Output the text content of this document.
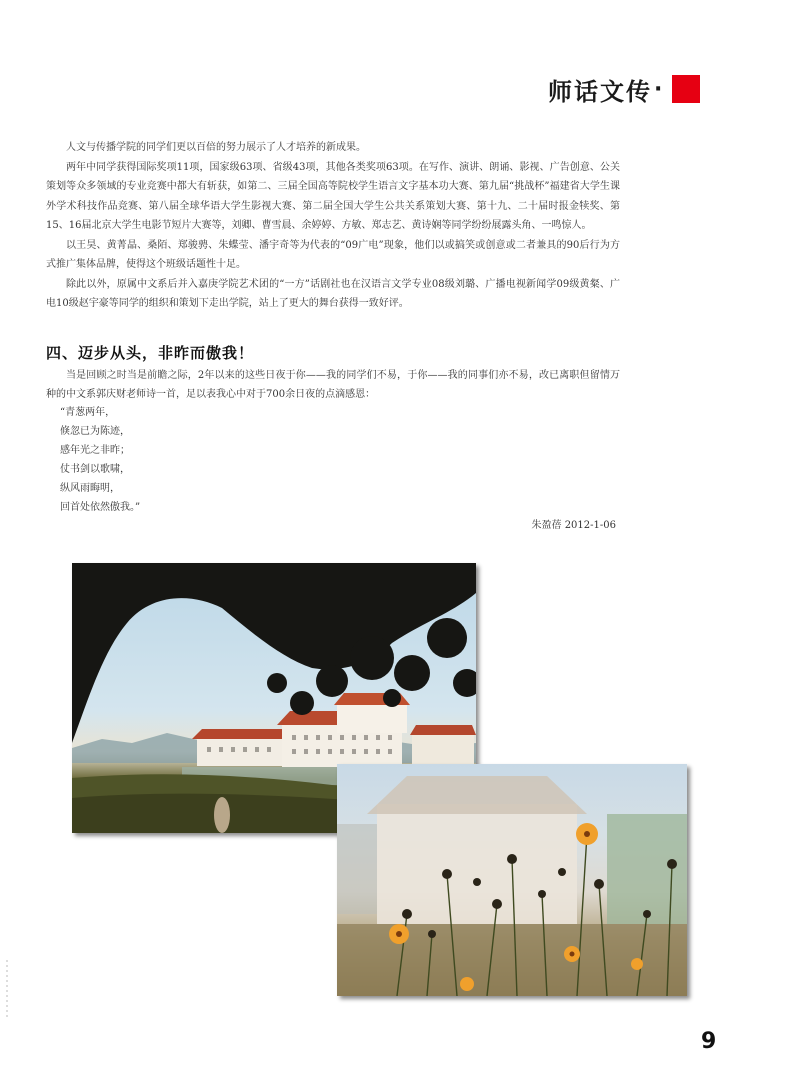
师话文传 ·

人文与传播学院的同学们更以百倍的努力展示了人才培养的新成果。

两年中同学获得国际奖项11项，国家级63项、省级43项，其他各类奖项63项。在写作、演讲、朗诵、影视、广告创意、公关策划等众多领域的专业竞赛中都大有斩获，如第二、三届全国高等院校学生语言文字基本功大赛、第九届“挑战杯”福建省大学生课外学术科技作品竞赛、第八届全球华语大学生影视大赛、第二届全国大学生公共关系策划大赛、第十九、二十届时报金犊奖、第15、16届北京大学生电影节短片大赛等，刘卿、曹雪晨、余婷婷、方敏、郑志艺、黄诗娴等同学纷纷展露头角、一鸣惊人。

以王昊、黄菁晶、桑陌、郑骏骋、朱蝶莹、潘宇奇等为代表的“09广电”现象，他们以或搞笑或创意或二者兼具的90后行为方式推广集体品牌，使得这个班级话题性十足。

除此以外，原属中文系后并入嘉庚学院艺术团的“一方”话剧社也在汉语言文学专业08级刘璐、广播电视新闻学09级黄粲、广电10级赵宇豪等同学的组织和策划下走出学院，站上了更大的舞台获得一致好评。

四、迈步从头，非昨而傲我！

当是回顾之时当是前瞻之际，2年以来的这些日夜于你——我的同学们不易，于你——我的同事们亦不易，改已离职但留情万种的中文系郭庆财老师诗一首，足以表我心中对于700余日夜的点滴感恩：

“青葱两年，
倏忽已为陈迹，
感年光之非昨；
仗书剑以歌啸，
纵风雨晦明，
回首处依然傲我。”
朱盈蓓 2012-1-06
9
